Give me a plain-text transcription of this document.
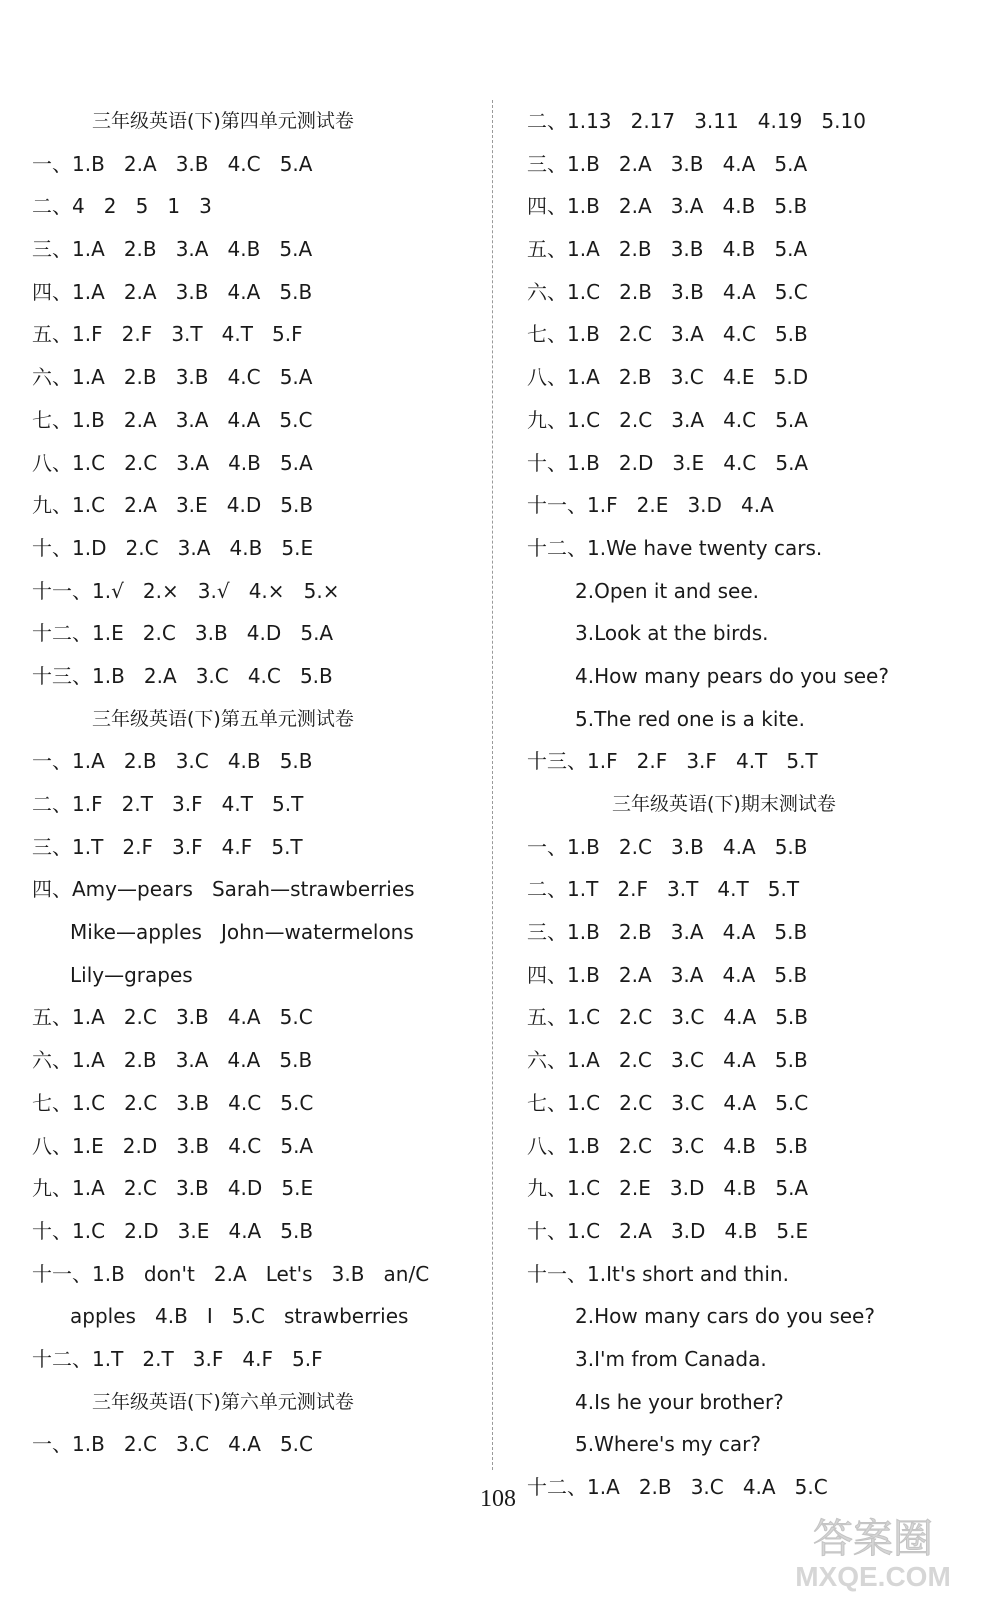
三年级英语(下)第四单元测试卷
一、1.B   2.A   3.B   4.C   5.A
二、4   2   5   1   3
三、1.A   2.B   3.A   4.B   5.A
四、1.A   2.A   3.B   4.A   5.B
五、1.F   2.F   3.T   4.T   5.F
六、1.A   2.B   3.B   4.C   5.A
七、1.B   2.A   3.A   4.A   5.C
八、1.C   2.C   3.A   4.B   5.A
九、1.C   2.A   3.E   4.D   5.B
十、1.D   2.C   3.A   4.B   5.E
十一、1.√   2.×   3.√   4.×   5.×
十二、1.E   2.C   3.B   4.D   5.A
十三、1.B   2.A   3.C   4.C   5.B
三年级英语(下)第五单元测试卷
一、1.A   2.B   3.C   4.B   5.B
二、1.F   2.T   3.F   4.T   5.T
三、1.T   2.F   3.F   4.F   5.T
四、Amy—pears   Sarah—strawberries
Mike—apples   John—watermelons
Lily—grapes
五、1.A   2.C   3.B   4.A   5.C
六、1.A   2.B   3.A   4.A   5.B
七、1.C   2.C   3.B   4.C   5.C
八、1.E   2.D   3.B   4.C   5.A
九、1.A   2.C   3.B   4.D   5.E
十、1.C   2.D   3.E   4.A   5.B
十一、1.B   don't   2.A   Let's   3.B   an/C
apples   4.B   I   5.C   strawberries
十二、1.T   2.T   3.F   4.F   5.F
三年级英语(下)第六单元测试卷
一、1.B   2.C   3.C   4.A   5.C
二、1.13   2.17   3.11   4.19   5.10
三、1.B   2.A   3.B   4.A   5.A
四、1.B   2.A   3.A   4.B   5.B
五、1.A   2.B   3.B   4.B   5.A
六、1.C   2.B   3.B   4.A   5.C
七、1.B   2.C   3.A   4.C   5.B
八、1.A   2.B   3.C   4.E   5.D
九、1.C   2.C   3.A   4.C   5.A
十、1.B   2.D   3.E   4.C   5.A
十一、1.F   2.E   3.D   4.A
十二、1.We have twenty cars.
2.Open it and see.
3.Look at the birds.
4.How many pears do you see?
5.The red one is a kite.
十三、1.F   2.F   3.F   4.T   5.T
三年级英语(下)期末测试卷
一、1.B   2.C   3.B   4.A   5.B
二、1.T   2.F   3.T   4.T   5.T
三、1.B   2.B   3.A   4.A   5.B
四、1.B   2.A   3.A   4.A   5.B
五、1.C   2.C   3.C   4.A   5.B
六、1.A   2.C   3.C   4.A   5.B
七、1.C   2.C   3.C   4.A   5.C
八、1.B   2.C   3.C   4.B   5.B
九、1.C   2.E   3.D   4.B   5.A
十、1.C   2.A   3.D   4.B   5.E
十一、1.It's short and thin.
2.How many cars do you see?
3.I'm from Canada.
4.Is he your brother?
5.Where's my car?
十二、1.A   2.B   3.C   4.A   5.C
108
答案圈
MXQE.COM
